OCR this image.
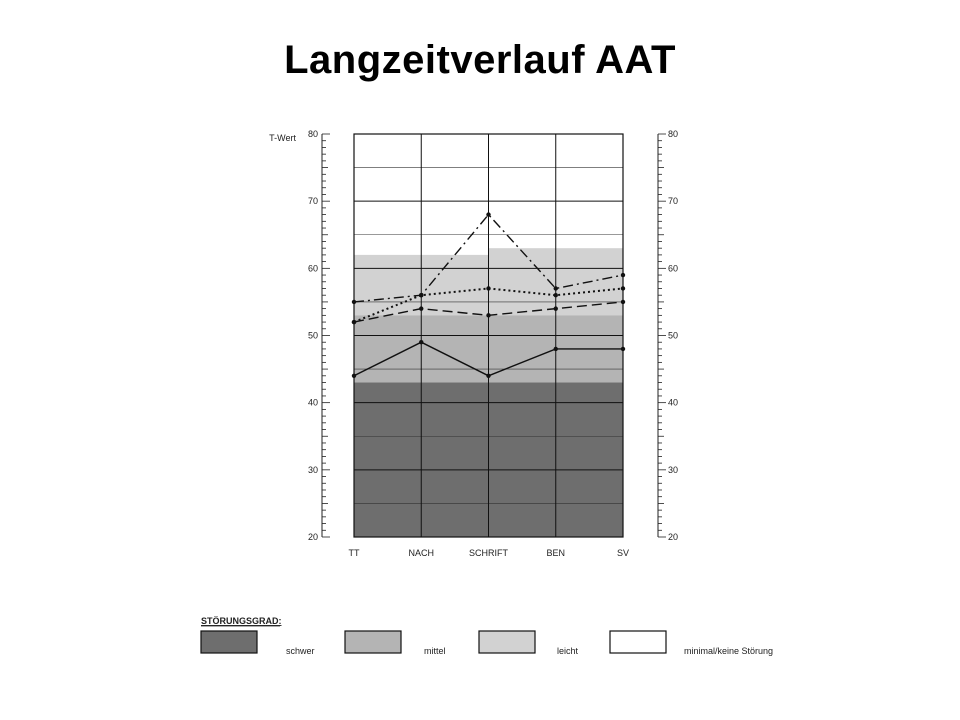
Langzeitverlauf AAT
20
30
40
50
60
70
80
20
30
40
50
60
70
80
T-Wert
TT	NACH	SCHRIFT	BEN	SV
STÖRUNGSGRAD:
schwer	mittel	leicht	minimal/keine Störung
